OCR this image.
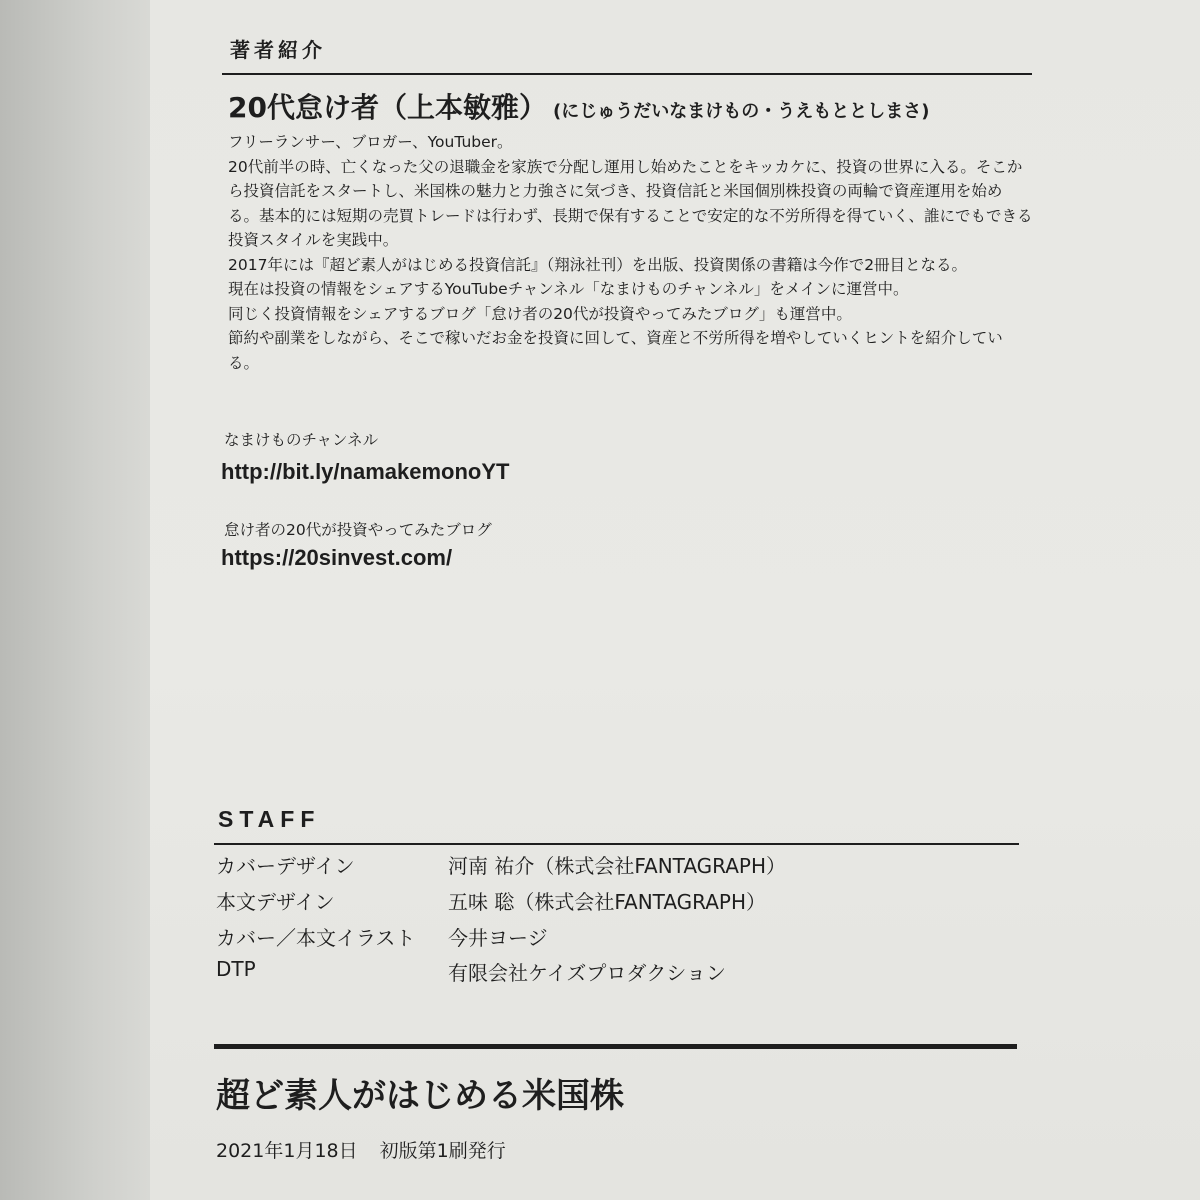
著者紹介
20代怠け者（上本敏雅） (にじゅうだいなまけもの・うえもととしまさ)

フリーランサー、ブロガー、YouTuber。

20代前半の時、亡くなった父の退職金を家族で分配し運用し始めたことをキッカケに、投資の世界に入る。そこから投資信託をスタートし、米国株の魅力と力強さに気づき、投資信託と米国個別株投資の両輪で資産運用を始める。基本的には短期の売買トレードは行わず、長期で保有することで安定的な不労所得を得ていく、誰にでもできる投資スタイルを実践中。

2017年には『超ど素人がはじめる投資信託』（翔泳社刊）を出版、投資関係の書籍は今作で2冊目となる。

現在は投資の情報をシェアするYouTubeチャンネル「なまけものチャンネル」をメインに運営中。

同じく投資情報をシェアするブログ「怠け者の20代が投資やってみたブログ」も運営中。

節約や副業をしながら、そこで稼いだお金を投資に回して、資産と不労所得を増やしていくヒントを紹介している。

なまけものチャンネル
http://bit.ly/namakemonoYT
怠け者の20代が投資やってみたブログ
https://20sinvest.com/
STAFF
カバーデザイン	河南 祐介（株式会社FANTAGRAPH）
本文デザイン	五味 聡（株式会社FANTAGRAPH）
カバー／本文イラスト 今井ヨージ
DTP	有限会社ケイズプロダクション
超ど素人がはじめる米国株
2021年1月18日 初版第1刷発行
